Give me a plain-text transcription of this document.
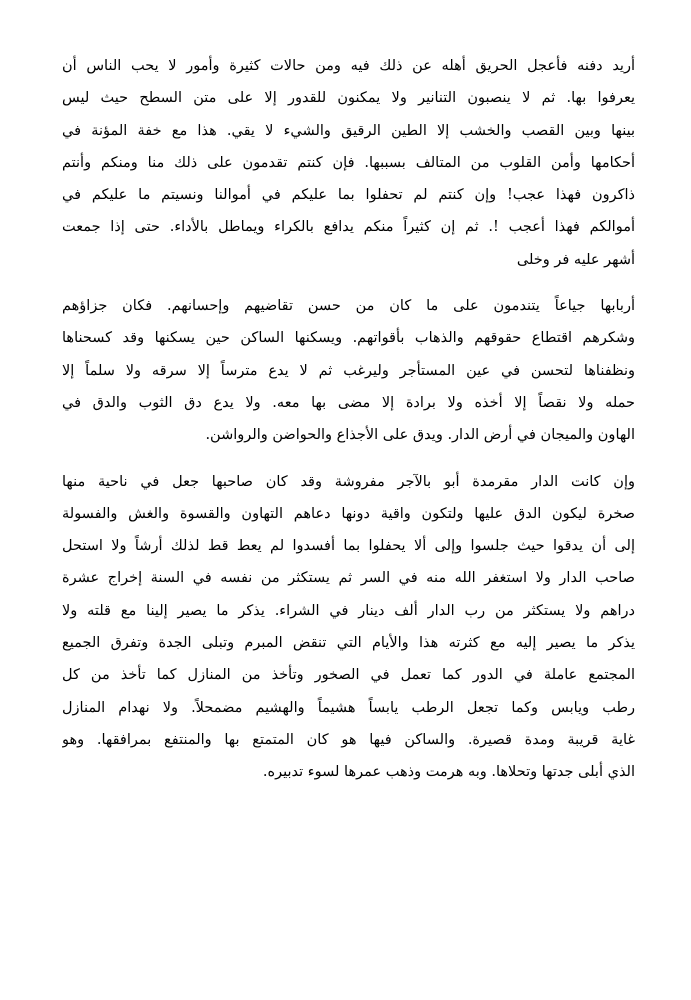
أريد دفنه فأعجل الحريق أهله عن ذلك فيه ومن حالات كثيرة وأمور لا يحب الناس أن
يعرفوا بها. ثم لا ينصبون التنانير ولا يمكنون للقدور إلا على متن السطح حيث ليس
بينها وبين القصب والخشب إلا الطين الرقيق والشيء لا يقي. هذا مع خفة المؤنة في
أحكامها وأمن القلوب من المتالف بسببها. فإن كنتم تقدمون على ذلك منا ومنكم وأنتم
ذاكرون فهذا عجب! وإن كنتم لم تحفلوا بما عليكم في أموالنا ونسيتم ما عليكم في
أموالكم فهذا أعجب !. ثم إن كثيراً منكم يدافع بالكراء ويماطل بالأداء. حتى إذا جمعت
أشهر عليه فر وخلى
أربابها جياعاً يتندمون على ما كان من حسن تقاضيهم وإحسانهم. فكان جزاؤهم
وشكرهم اقتطاع حقوقهم والذهاب بأقواتهم. ويسكنها الساكن حين يسكنها وقد كسحناها
ونظفناها لتحسن في عين المستأجر وليرغب ثم لا يدع مترساً إلا سرقه ولا سلماً إلا
حمله ولا نقصاً إلا أخذه ولا برادة إلا مضى بها معه. ولا يدع دق الثوب والدق في
الهاون والميجان في أرض الدار. ويدق على الأجذاع والحواضن والرواشن.
وإن كانت الدار مقرمدة أبو بالآجر مفروشة وقد كان صاحبها جعل في ناحية منها
صخرة ليكون الدق عليها ولتكون واقية دونها دعاهم التهاون والقسوة والغش والفسولة
إلى أن يدقوا حيث جلسوا وإلى ألا يحفلوا بما أفسدوا لم يعط قط لذلك أرشاً ولا استحل
صاحب الدار ولا استغفر الله منه في السر ثم يستكثر من نفسه في السنة إخراج عشرة
دراهم ولا يستكثر من رب الدار ألف دينار في الشراء. يذكر ما يصير إلينا مع قلته ولا
يذكر ما يصير إليه مع كثرته هذا والأيام التي تنقض المبرم وتبلى الجدة وتفرق الجميع
المجتمع عاملة في الدور كما تعمل في الصخور وتأخذ من المنازل كما تأخذ من كل
رطب ويابس وكما تجعل الرطب يابساً هشيماً والهشيم مضمحلاً. ولا نهدام المنازل
غاية قريبة ومدة قصيرة. والساكن فيها هو كان المتمتع بها والمنتفع بمرافقها. وهو
الذي أبلى جدتها وتحلاها. وبه هرمت وذهب عمرها لسوء تدبيره.
